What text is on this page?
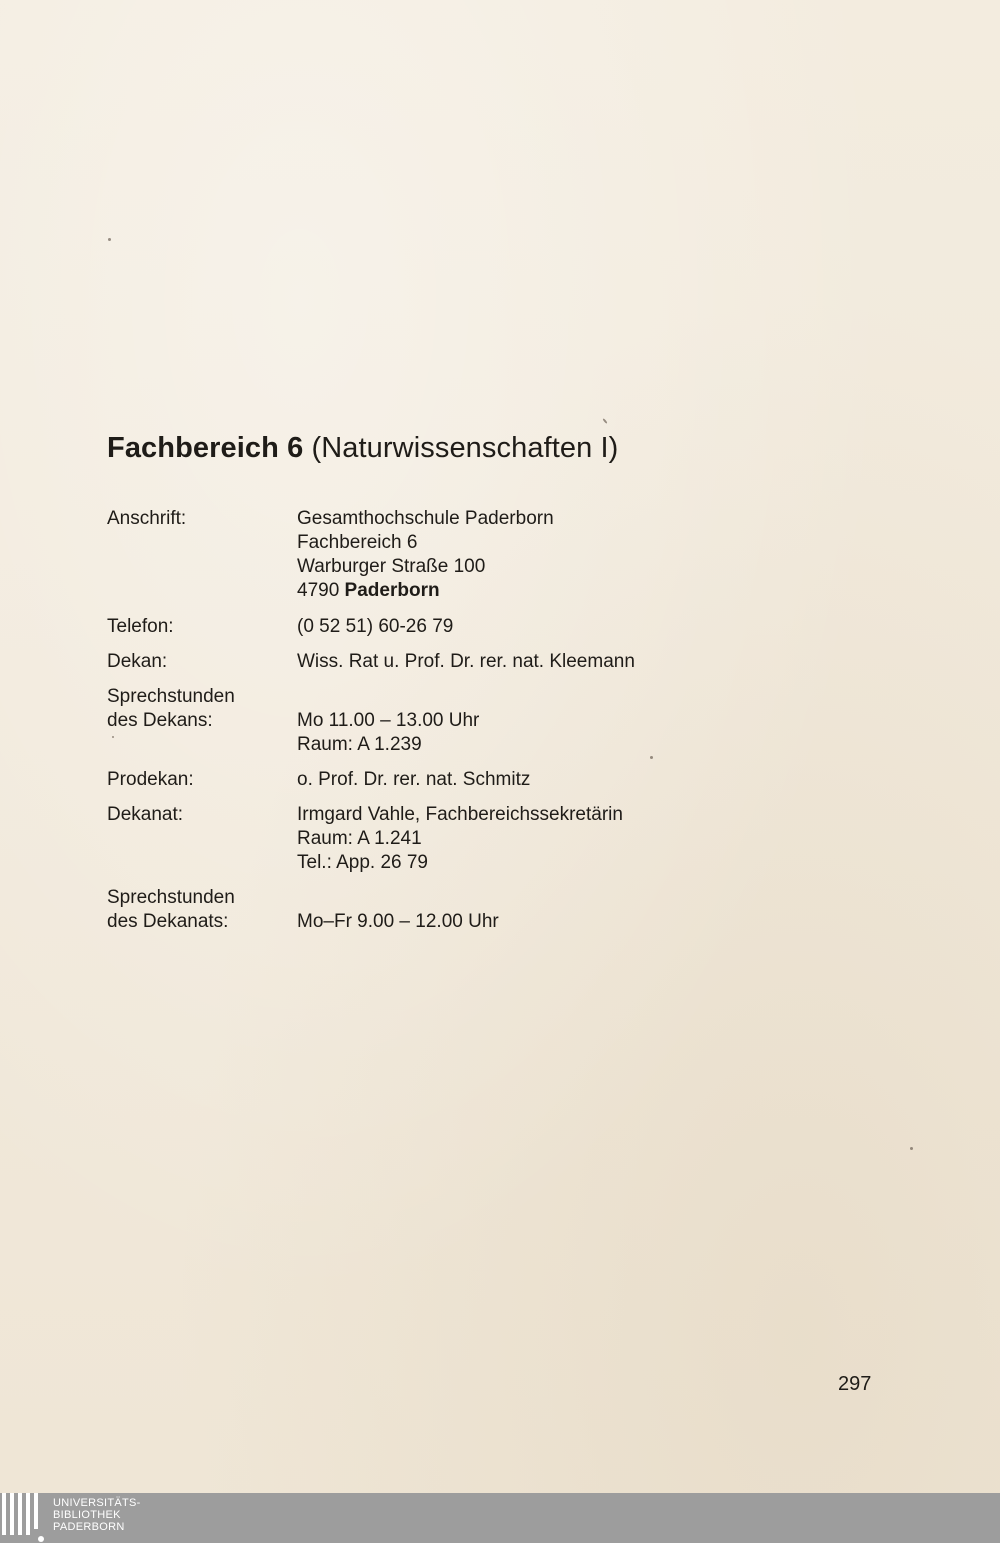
Fachbereich 6 (Naturwissenschaften I)
Anschrift:	Gesamthochschule Paderborn
Fachbereich 6
Warburger Straße 100
4790 Paderborn
Telefon:	(0 52 51) 60-26 79
Dekan:	Wiss. Rat u. Prof. Dr. rer. nat. Kleemann
Sprechstunden
des Dekans:	Mo 11.00 – 13.00 Uhr
Raum: A 1.239
Prodekan:	o. Prof. Dr. rer. nat. Schmitz
Dekanat:	Irmgard Vahle, Fachbereichssekretärin
Raum: A 1.241
Tel.: App. 26 79
Sprechstunden
des Dekanats:	Mo–Fr 9.00 – 12.00 Uhr
297
UNIVERSITÄTS-
BIBLIOTHEK
PADERBORN
